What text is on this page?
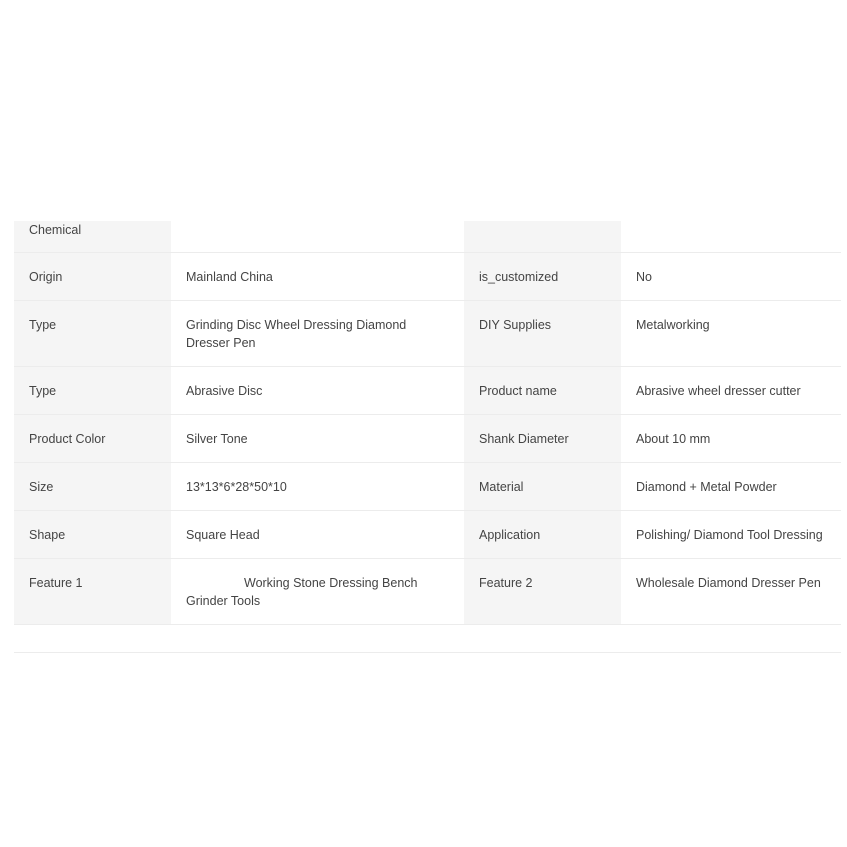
Chemical			
Origin	Mainland China	is_customized	No
Type	Grinding Disc Wheel Dressing Diamond Dresser Pen	DIY Supplies	Metalworking
Type	Abrasive Disc	Product name	Abrasive wheel dresser cutter
Product Color	Silver Tone	Shank Diameter	About 10 mm
Size	13*13*6*28*50*10	Material	Diamond + Metal Powder
Shape	Square Head	Application	Polishing/ Diamond Tool Dressing
Feature 1	Working Stone Dressing Bench Grinder Tools	Feature 2	Wholesale Diamond Dresser Pen
